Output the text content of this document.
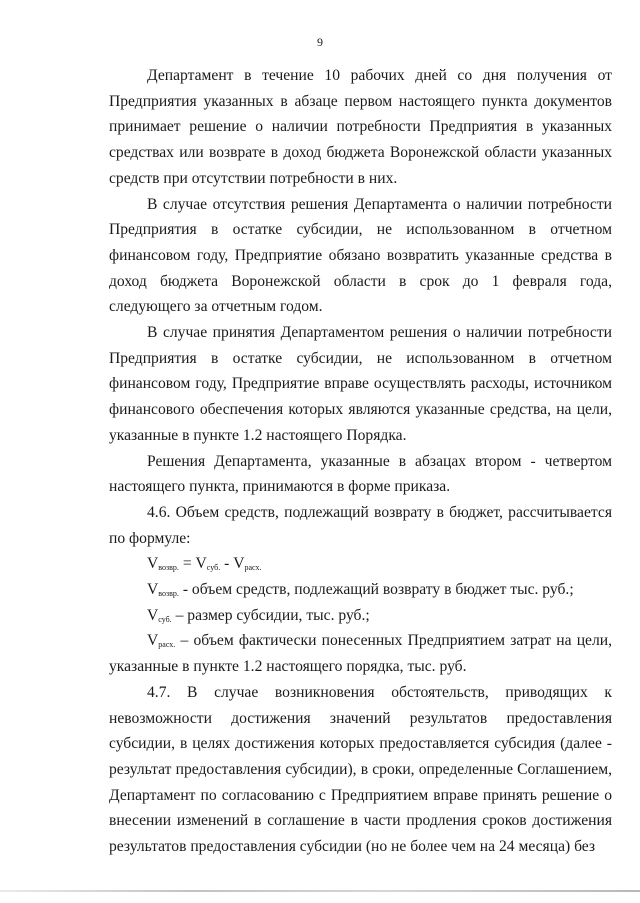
9

Департамент в течение 10 рабочих дней со дня получения от Предприятия указанных в абзаце первом настоящего пункта документов принимает решение о наличии потребности Предприятия в указанных средствах или возврате в доход бюджета Воронежской области указанных средств при отсутствии потребности в них.

В случае отсутствия решения Департамента о наличии потребности Предприятия в остатке субсидии, не использованном в отчетном финансовом году, Предприятие обязано возвратить указанные средства в доход бюджета Воронежской области в срок до 1 февраля года, следующего за отчетным годом.

В случае принятия Департаментом решения о наличии потребности Предприятия в остатке субсидии, не использованном в отчетном финансовом году, Предприятие вправе осуществлять расходы, источником финансового обеспечения которых являются указанные средства, на цели, указанные в пункте 1.2 настоящего Порядка.

Решения Департамента, указанные в абзацах втором - четвертом настоящего пункта, принимаются в форме приказа.

4.6. Объем средств, подлежащий возврату в бюджет, рассчитывается по формуле:

$V_{возвр.} = V_{суб.} - V_{расх.}$

$V_{возвр.}$ - объем средств, подлежащий возврату в бюджет тыс. руб.;

$V_{суб.}$ – размер субсидии, тыс. руб.;

$V_{расх.}$ – объем фактически понесенных Предприятием затрат на цели, указанные в пункте 1.2 настоящего порядка, тыс. руб.

4.7. В случае возникновения обстоятельств, приводящих к невозможности достижения значений результатов предоставления субсидии, в целях достижения которых предоставляется субсидия (далее - результат предоставления субсидии), в сроки, определенные Соглашением, Департамент по согласованию с Предприятием вправе принять решение о внесении изменений в соглашение в части продления сроков достижения результатов предоставления субсидии (но не более чем на 24 месяца) без
